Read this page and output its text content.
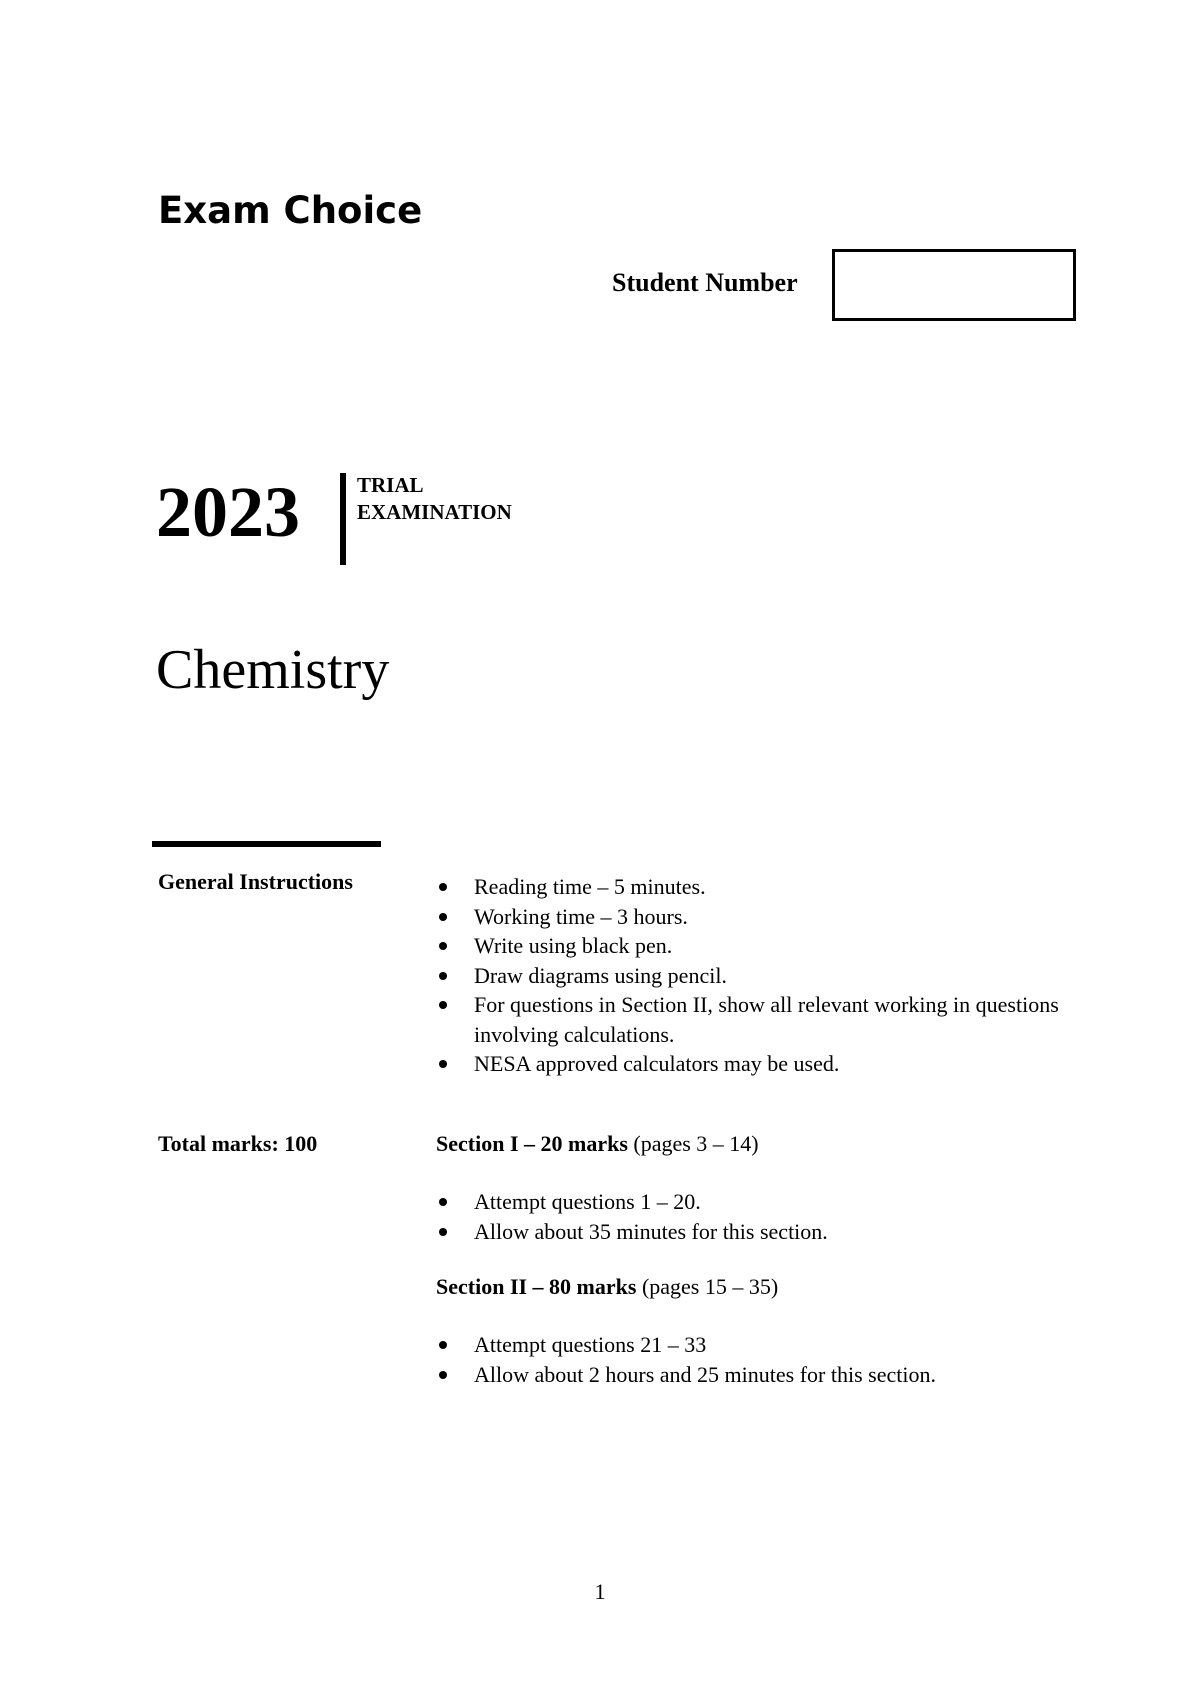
Exam Choice
Student Number
2023	TRIAL
EXAMINATION
Chemistry
General Instructions	Reading time – 5 minutes.
Working time – 3 hours.
Write using black pen.
Draw diagrams using pencil.
For questions in Section II, show all relevant working in questions involving calculations.
NESA approved calculators may be used.
Total marks: 100	Section I – 20 marks (pages 3 – 14)
Attempt questions 1 – 20.
Allow about 35 minutes for this section.
Section II – 80 marks (pages 15 – 35)
Attempt questions 21 – 33
Allow about 2 hours and 25 minutes for this section.
1
